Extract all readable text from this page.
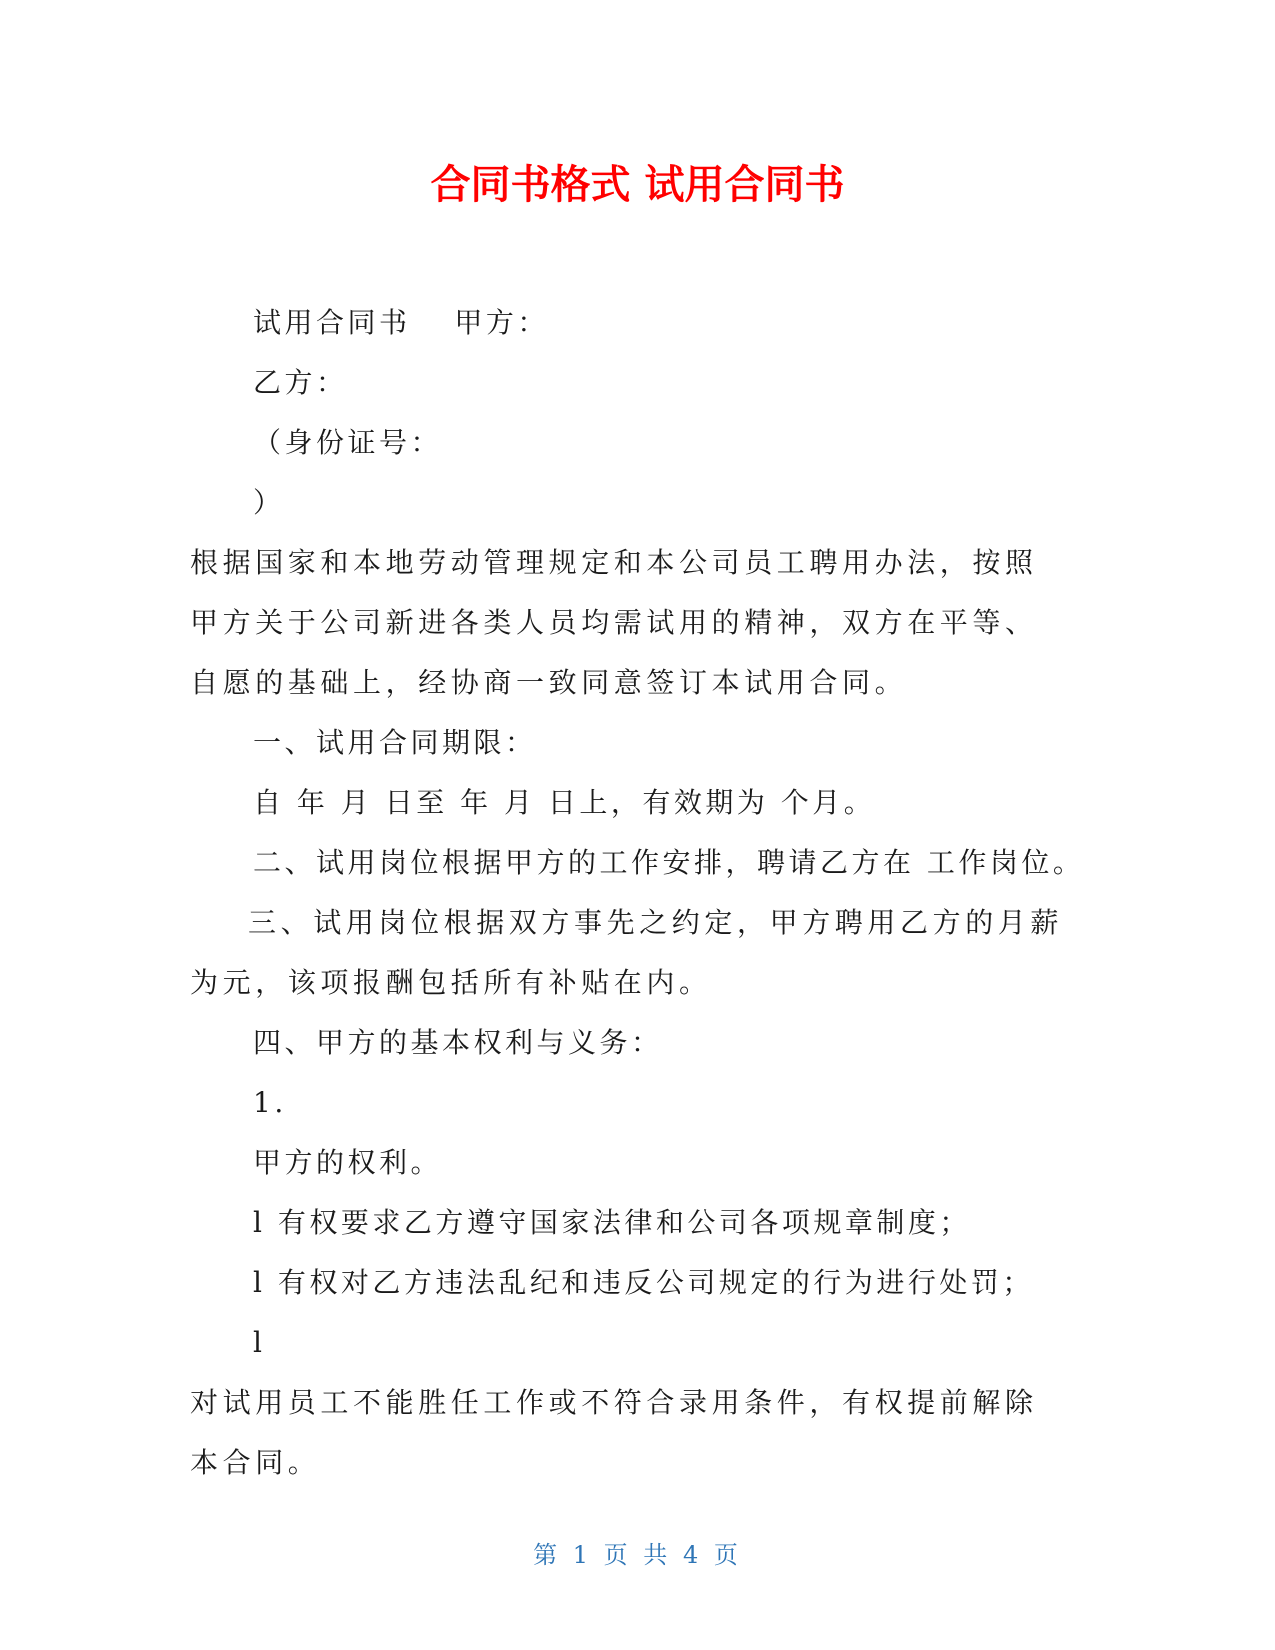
合同书格式 试用合同书

试用合同书　 甲方：

乙方：

（身份证号：

）

根据国家和本地劳动管理规定和本公司员工聘用办法，按照甲方关于公司新进各类人员均需试用的精神，双方在平等、自愿的基础上，经协商一致同意签订本试用合同。

一、试用合同期限：

自 年 月 日至 年 月 日上，有效期为 个月。

二、试用岗位根据甲方的工作安排，聘请乙方在 工作岗位。

三、试用岗位根据双方事先之约定，甲方聘用乙方的月薪为元，该项报酬包括所有补贴在内。

四、甲方的基本权利与义务：

1.

甲方的权利。

l 有权要求乙方遵守国家法律和公司各项规章制度；

l 有权对乙方违法乱纪和违反公司规定的行为进行处罚；

l

对试用员工不能胜任工作或不符合录用条件，有权提前解除本合同。

第 1 页 共 4 页
